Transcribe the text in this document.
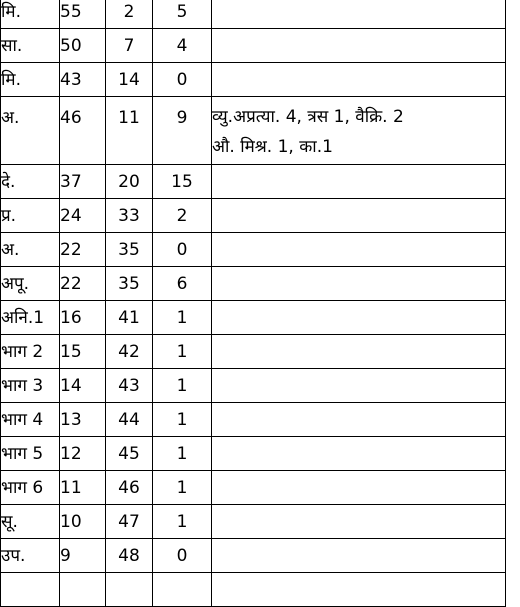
मि.	55	2	5	
सा.	50	7	4	
मि.	43	14	0	
अ.	46	11	9	व्यु.अप्रत्या. 4, त्रस 1, वैक्रि. 2
औ. मिश्र. 1, का.1

दे.	37	20	15	
प्र.	24	33	2	
अ.	22	35	0	
अपू.	22	35	6	
अनि.1	16	41	1	
भाग 2	15	42	1	
भाग 3	14	43	1	
भाग 4	13	44	1	
भाग 5	12	45	1	
भाग 6	11	46	1	
सू.	10	47	1	
उप.	9	48	0	
